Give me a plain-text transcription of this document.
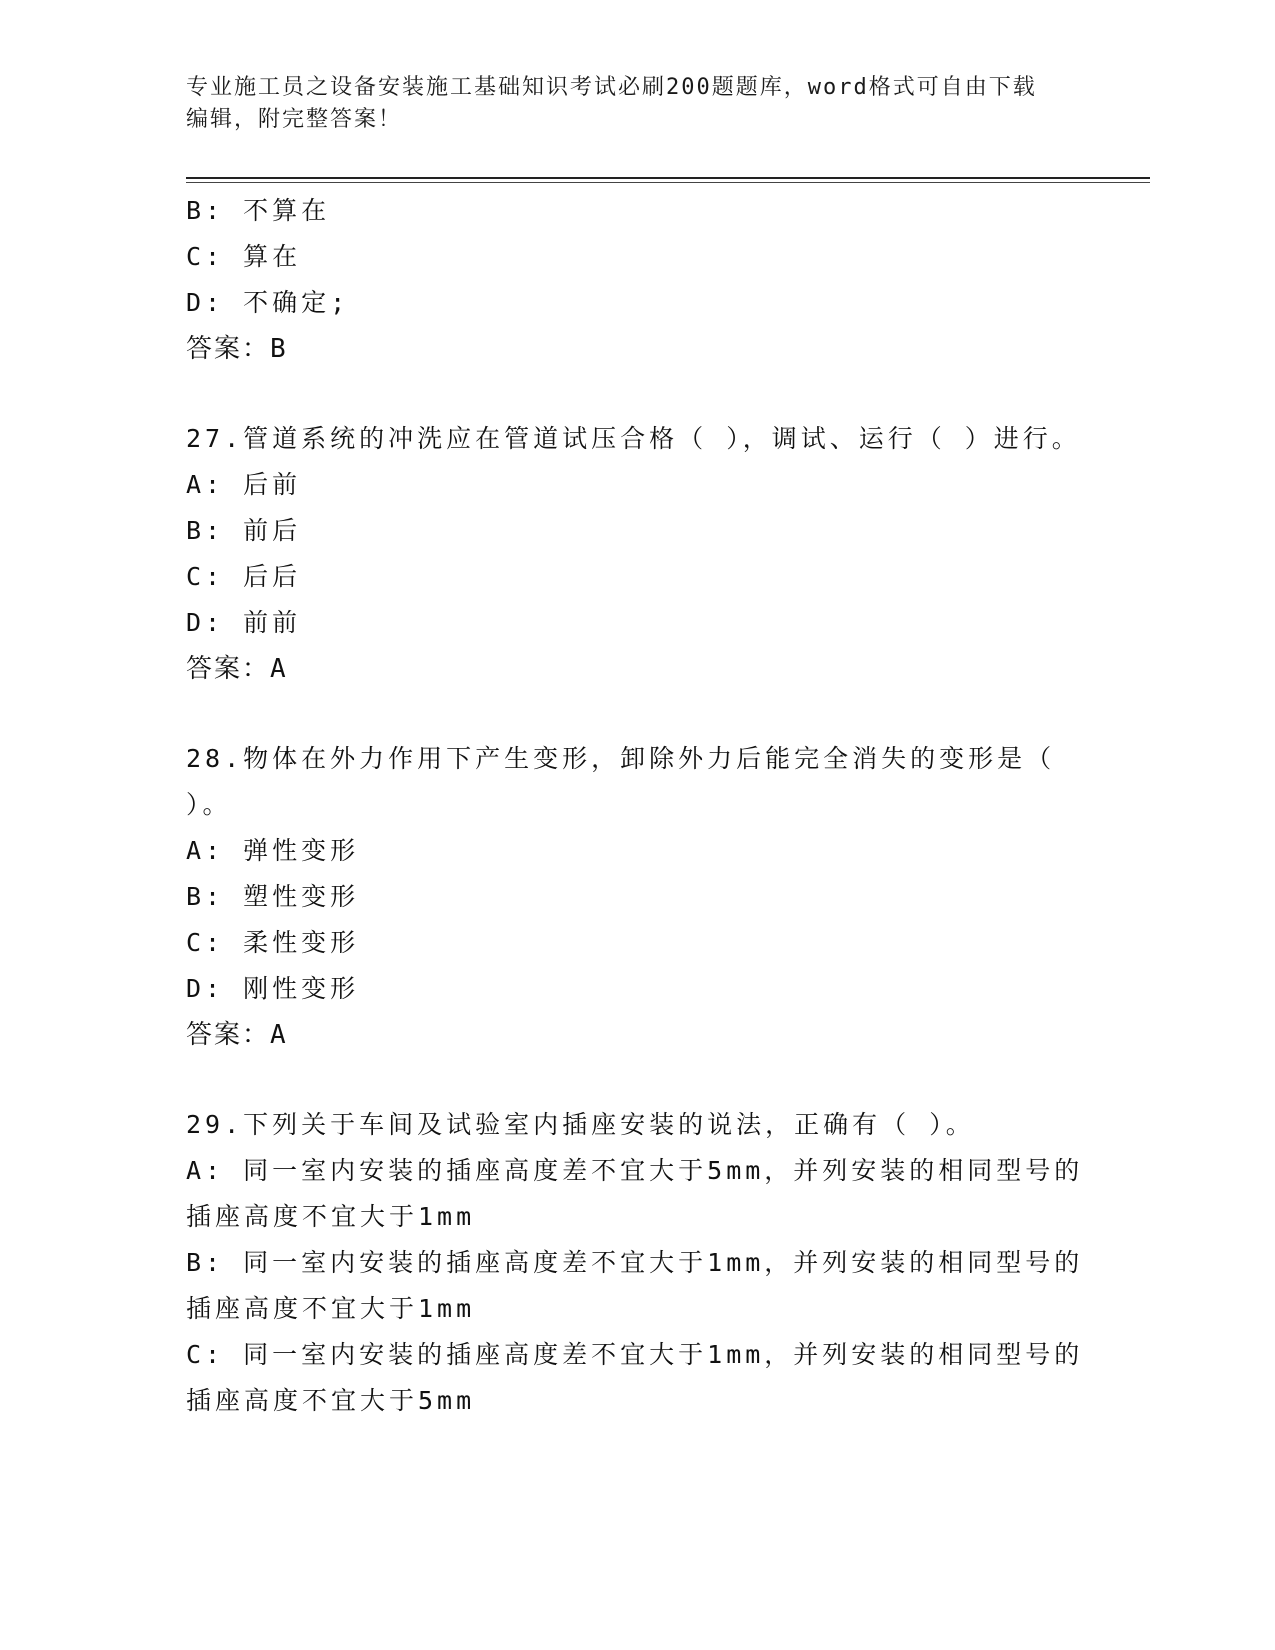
专业施工员之设备安装施工基础知识考试必刷200题题库，word格式可自由下载
编辑，附完整答案！
B: 不算在
C: 算在
D: 不确定;
答案：B
27.管道系统的冲洗应在管道试压合格（ ），调试、运行（ ）进行。
A: 后前
B: 前后
C: 后后
D: 前前
答案：A
28.物体在外力作用下产生变形，卸除外力后能完全消失的变形是（
）。
A: 弹性变形
B: 塑性变形
C: 柔性变形
D: 刚性变形
答案：A
29.下列关于车间及试验室内插座安装的说法，正确有（ ）。
A: 同一室内安装的插座高度差不宜大于5mm，并列安装的相同型号的
插座高度不宜大于1mm
B: 同一室内安装的插座高度差不宜大于1mm，并列安装的相同型号的
插座高度不宜大于1mm
C: 同一室内安装的插座高度差不宜大于1mm，并列安装的相同型号的
插座高度不宜大于5mm
